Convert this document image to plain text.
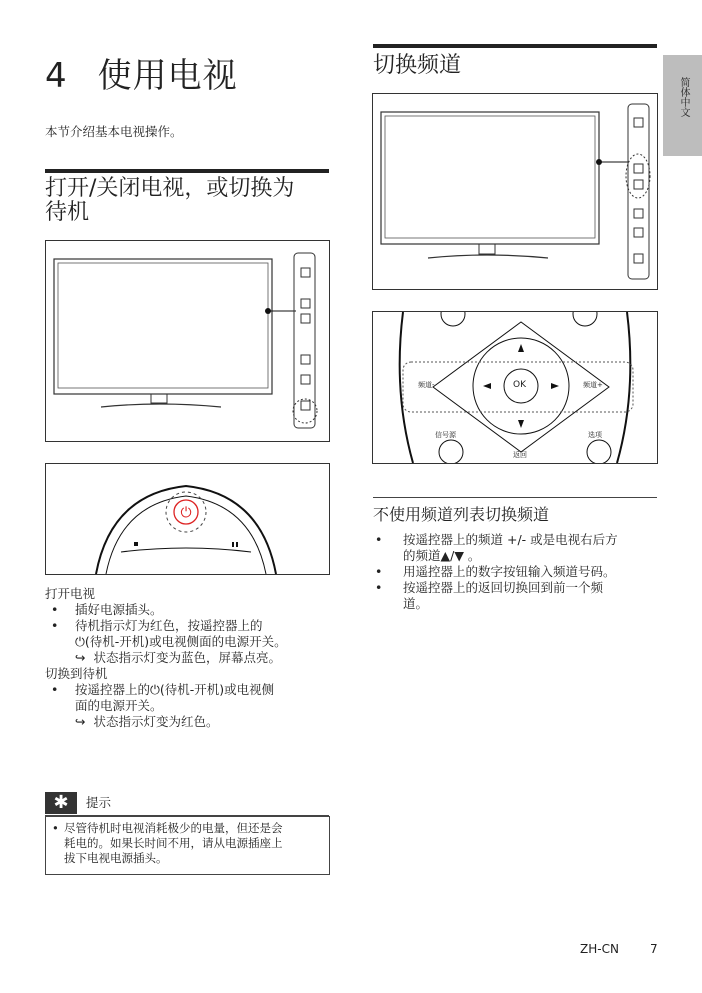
简体中文
4 使用电视
本节介绍基本电视操作。
打开/关闭电视，或切换为
待机
⏻
打开电视
• 插好电源插头。
• 待机指示灯为红色，按遥控器上的
⏻(待机-开机)或电视侧面的电源开关。
↪ 状态指示灯变为蓝色，屏幕点亮。
切换到待机
• 按遥控器上的⏻(待机-开机)或电视侧
面的电源开关。
↪ 状态指示灯变为红色。
✱	提示
• 尽管待机时电视消耗极少的电量，但还是会
耗电的。如果长时间不用，请从电源插座上
拔下电视电源插头。
切换频道
频道-	频道+
OK
信号源	选项
返回
不使用频道列表切换频道
• 按遥控器上的频道 +/- 或是电视右后方
的频道▲/▼ 。
• 用遥控器上的数字按钮输入频道号码。
• 按遥控器上的返回切换回到前一个频
道。
ZH-CN	7
